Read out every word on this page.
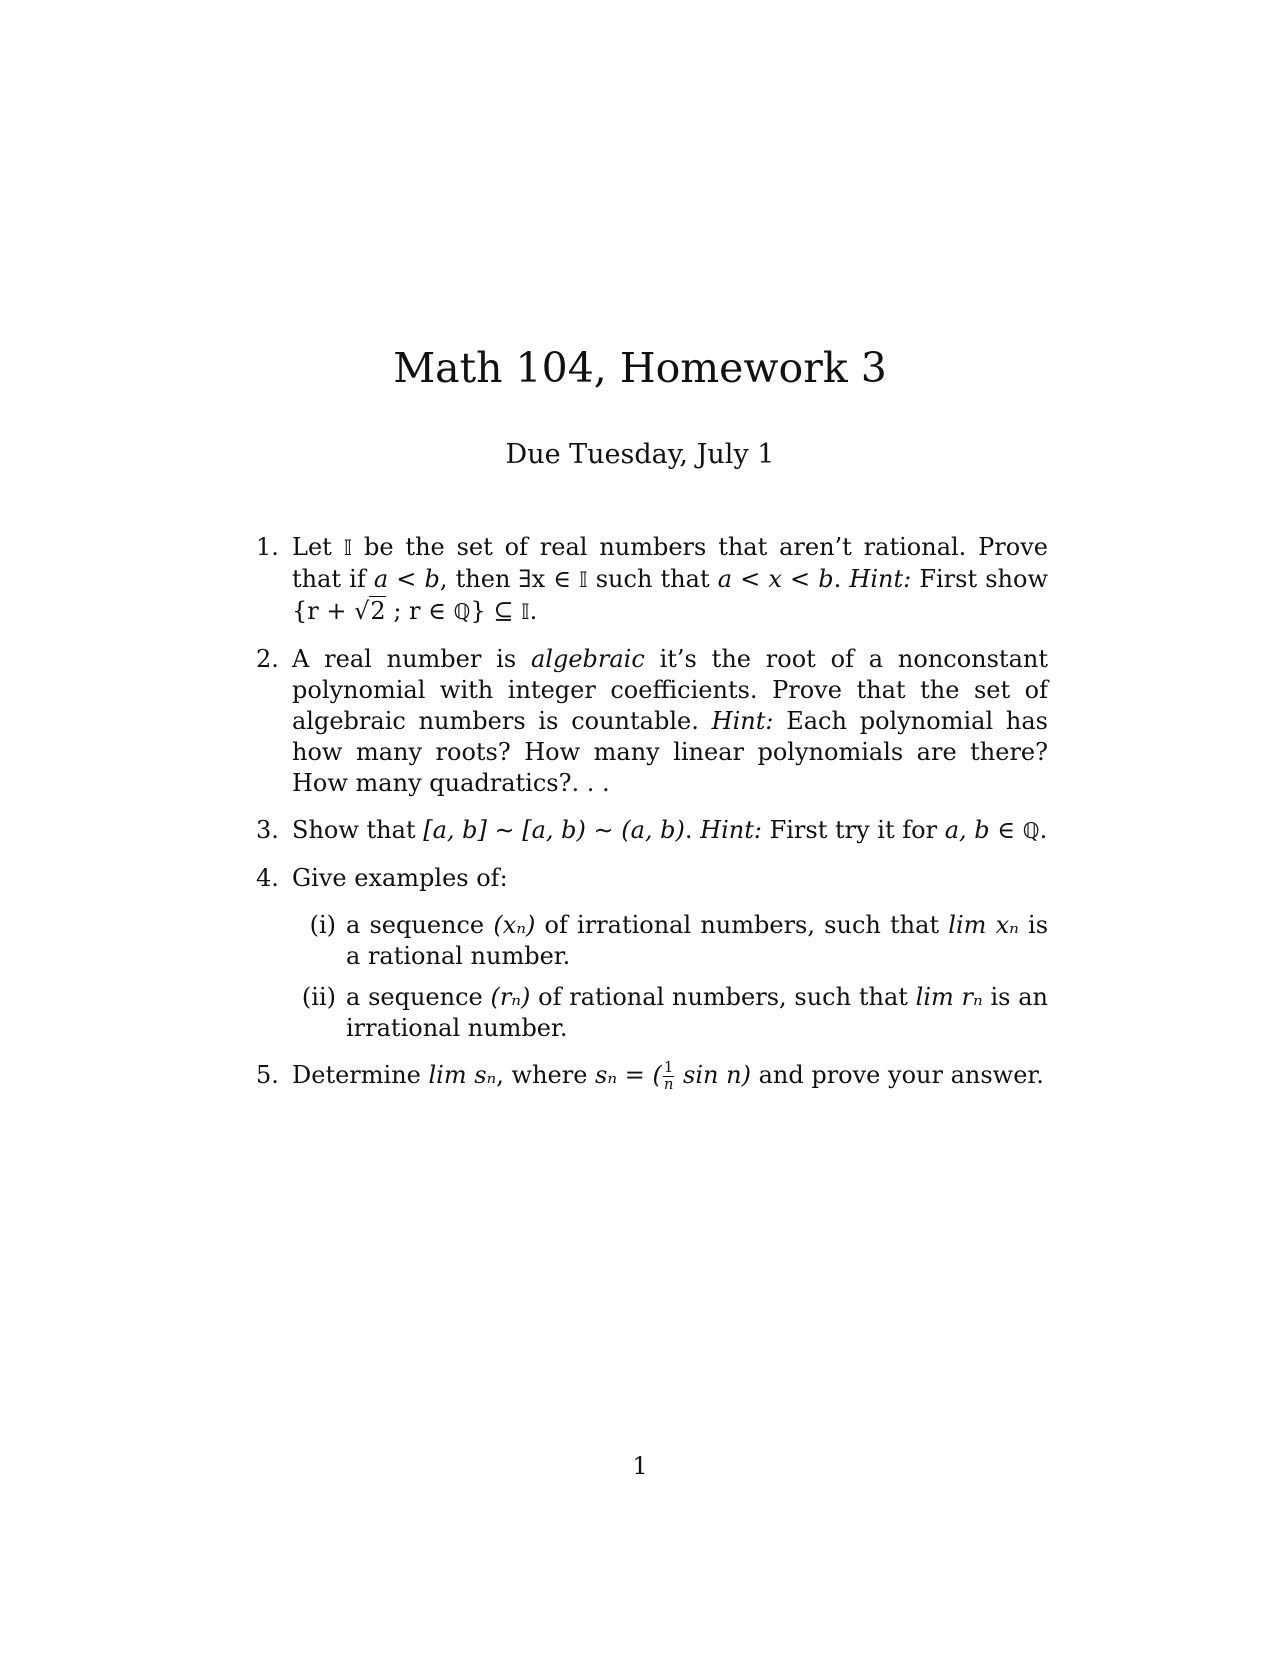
Math 104, Homework 3
Due Tuesday, July 1
1. Let 𝕀 be the set of real numbers that aren’t rational. Prove that if a < b, then ∃x ∈ 𝕀 such that a < x < b. Hint: First show {r + √2 ; r ∈ ℚ} ⊆ 𝕀.
2. A real number is algebraic it’s the root of a nonconstant polynomial with integer coefficients. Prove that the set of algebraic numbers is countable. Hint: Each polynomial has how many roots? How many linear polynomials are there? How many quadratics?. . .
3. Show that [a, b] ∼ [a, b) ∼ (a, b). Hint: First try it for a, b ∈ ℚ.
4. Give examples of:
(i) a sequence (xₙ) of irrational numbers, such that lim xₙ is a rational number.
(ii) a sequence (rₙ) of rational numbers, such that lim rₙ is an irrational number.
5. Determine lim sₙ, where sₙ = ( $\frac{1}{n}$ sin n) and prove your answer.
1
